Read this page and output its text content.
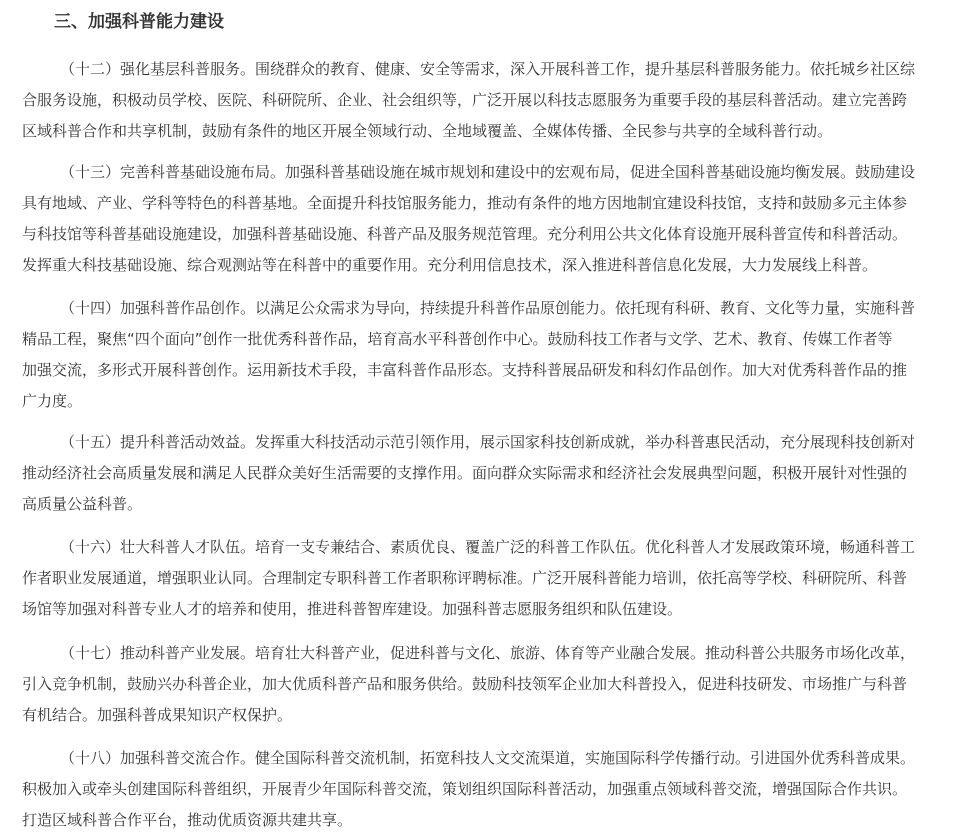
三、加强科普能力建设
（十二）强化基层科普服务。围绕群众的教育、健康、安全等需求，深入开展科普工作，提升基层科普服务能力。依托城乡社区综
合服务设施，积极动员学校、医院、科研院所、企业、社会组织等，广泛开展以科技志愿服务为重要手段的基层科普活动。建立完善跨
区域科普合作和共享机制，鼓励有条件的地区开展全领域行动、全地域覆盖、全媒体传播、全民参与共享的全域科普行动。
（十三）完善科普基础设施布局。加强科普基础设施在城市规划和建设中的宏观布局，促进全国科普基础设施均衡发展。鼓励建设
具有地域、产业、学科等特色的科普基地。全面提升科技馆服务能力，推动有条件的地方因地制宜建设科技馆，支持和鼓励多元主体参
与科技馆等科普基础设施建设，加强科普基础设施、科普产品及服务规范管理。充分利用公共文化体育设施开展科普宣传和科普活动。
发挥重大科技基础设施、综合观测站等在科普中的重要作用。充分利用信息技术，深入推进科普信息化发展，大力发展线上科普。
（十四）加强科普作品创作。以满足公众需求为导向，持续提升科普作品原创能力。依托现有科研、教育、文化等力量，实施科普
精品工程，聚焦“四个面向”创作一批优秀科普作品，培育高水平科普创作中心。鼓励科技工作者与文学、艺术、教育、传媒工作者等
加强交流，多形式开展科普创作。运用新技术手段，丰富科普作品形态。支持科普展品研发和科幻作品创作。加大对优秀科普作品的推
广力度。
（十五）提升科普活动效益。发挥重大科技活动示范引领作用，展示国家科技创新成就，举办科普惠民活动，充分展现科技创新对
推动经济社会高质量发展和满足人民群众美好生活需要的支撑作用。面向群众实际需求和经济社会发展典型问题，积极开展针对性强的
高质量公益科普。
（十六）壮大科普人才队伍。培育一支专兼结合、素质优良、覆盖广泛的科普工作队伍。优化科普人才发展政策环境，畅通科普工
作者职业发展通道，增强职业认同。合理制定专职科普工作者职称评聘标准。广泛开展科普能力培训，依托高等学校、科研院所、科普
场馆等加强对科普专业人才的培养和使用，推进科普智库建设。加强科普志愿服务组织和队伍建设。
（十七）推动科普产业发展。培育壮大科普产业，促进科普与文化、旅游、体育等产业融合发展。推动科普公共服务市场化改革，
引入竞争机制，鼓励兴办科普企业，加大优质科普产品和服务供给。鼓励科技领军企业加大科普投入，促进科技研发、市场推广与科普
有机结合。加强科普成果知识产权保护。
（十八）加强科普交流合作。健全国际科普交流机制，拓宽科技人文交流渠道，实施国际科学传播行动。引进国外优秀科普成果。
积极加入或牵头创建国际科普组织，开展青少年国际科普交流，策划组织国际科普活动，加强重点领域科普交流，增强国际合作共识。
打造区域科普合作平台，推动优质资源共建共享。
